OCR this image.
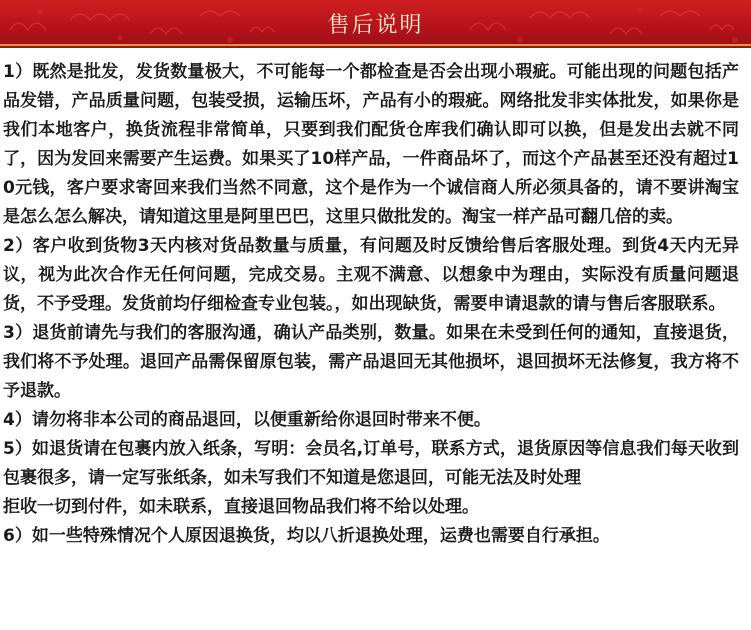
售后说明

1）既然是批发，发货数量极大，不可能每一个都检查是否会出现小瑕疵。可能出现的问题包括产品发错，产品质量问题，包装受损，运输压坏，产品有小的瑕疵。网络批发非实体批发，如果你是我们本地客户，换货流程非常简单，只要到我们配货仓库我们确认即可以换，但是发出去就不同了，因为发回来需要产生运费。如果买了10样产品，一件商品坏了，而这个产品甚至还没有超过10元钱，客户要求寄回来我们当然不同意，这个是作为一个诚信商人所必须具备的，请不要讲淘宝是怎么怎么解决，请知道这里是阿里巴巴，这里只做批发的。淘宝一样产品可翻几倍的卖。

2）客户收到货物3天内核对货品数量与质量，有问题及时反馈给售后客服处理。到货4天内无异议，视为此次合作无任何问题，完成交易。主观不满意、以想象中为理由，实际没有质量问题退货，不予受理。发货前均仔细检查专业包装。，如出现缺货，需要申请退款的请与售后客服联系。

3）退货前请先与我们的客服沟通，确认产品类别，数量。如果在未受到任何的通知，直接退货，我们将不予处理。退回产品需保留原包装，需产品退回无其他损坏，退回损坏无法修复，我方将不予退款。

4）请勿将非本公司的商品退回，以便重新给你退回时带来不便。

5）如退货请在包裹内放入纸条，写明：会员名,订单号，联系方式，退货原因等信息我们每天收到包裹很多，请一定写张纸条，如未写我们不知道是您退回，可能无法及时处理

拒收一切到付件，如未联系，直接退回物品我们将不给以处理。

6）如一些特殊情况个人原因退换货，均以八折退换处理，运费也需要自行承担。
